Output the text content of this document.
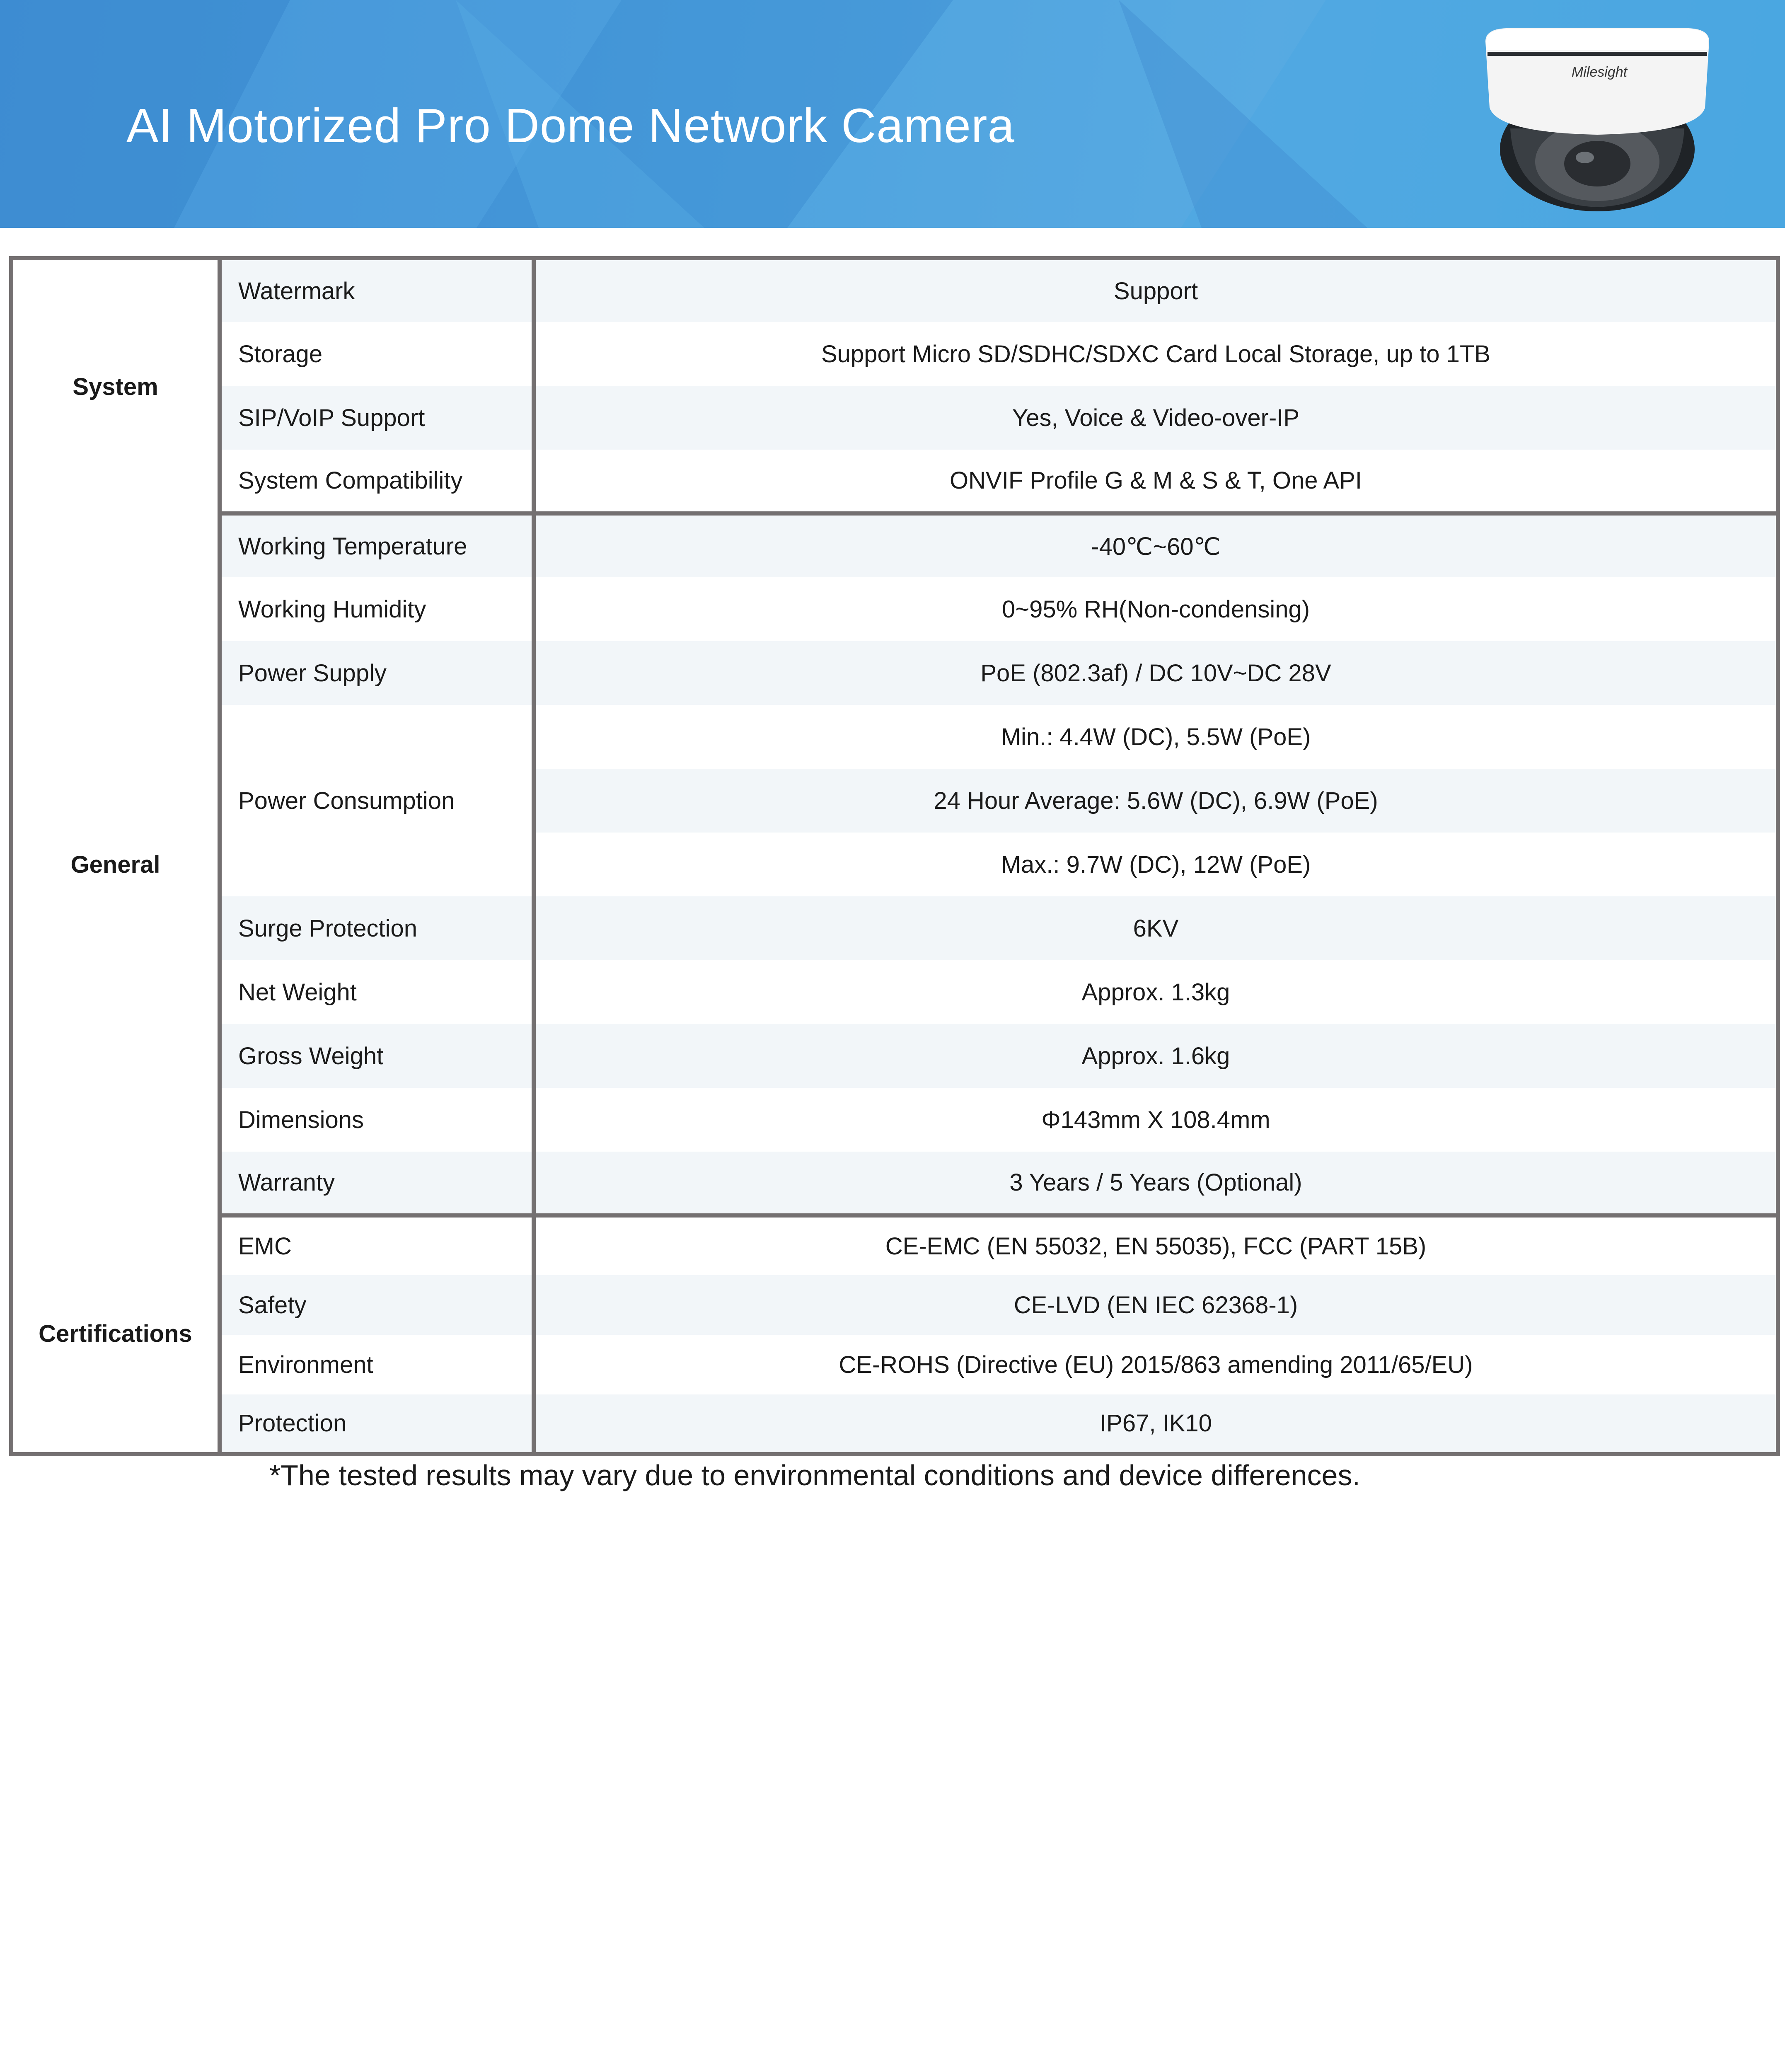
AI Motorized Pro Dome Network Camera
Milesight
System	Watermark	Support
	Storage	Support Micro SD/SDHC/SDXC Card Local Storage, up to 1TB
	SIP/VoIP Support	Yes, Voice & Video-over-IP
	System Compatibility	ONVIF Profile G & M & S & T, One API
General	Working Temperature	-40℃~60℃
	Working Humidity	0~95% RH(Non-condensing)
	Power Supply	PoE (802.3af) / DC 10V~DC 28V
	Power Consumption	Min.: 4.4W (DC), 5.5W (PoE)
		24 Hour Average: 5.6W (DC), 6.9W (PoE)
		Max.: 9.7W (DC), 12W (PoE)
	Surge Protection	6KV
	Net Weight	Approx. 1.3kg
	Gross Weight	Approx. 1.6kg
	Dimensions	Φ143mm X 108.4mm
	Warranty	3 Years / 5 Years (Optional)
Certifications	EMC	CE-EMC (EN 55032, EN 55035), FCC (PART 15B)
	Safety	CE-LVD (EN IEC 62368-1)
	Environment	CE-ROHS (Directive (EU) 2015/863 amending 2011/65/EU)
	Protection	IP67, IK10
*The tested results may vary due to environmental conditions and device differences.
